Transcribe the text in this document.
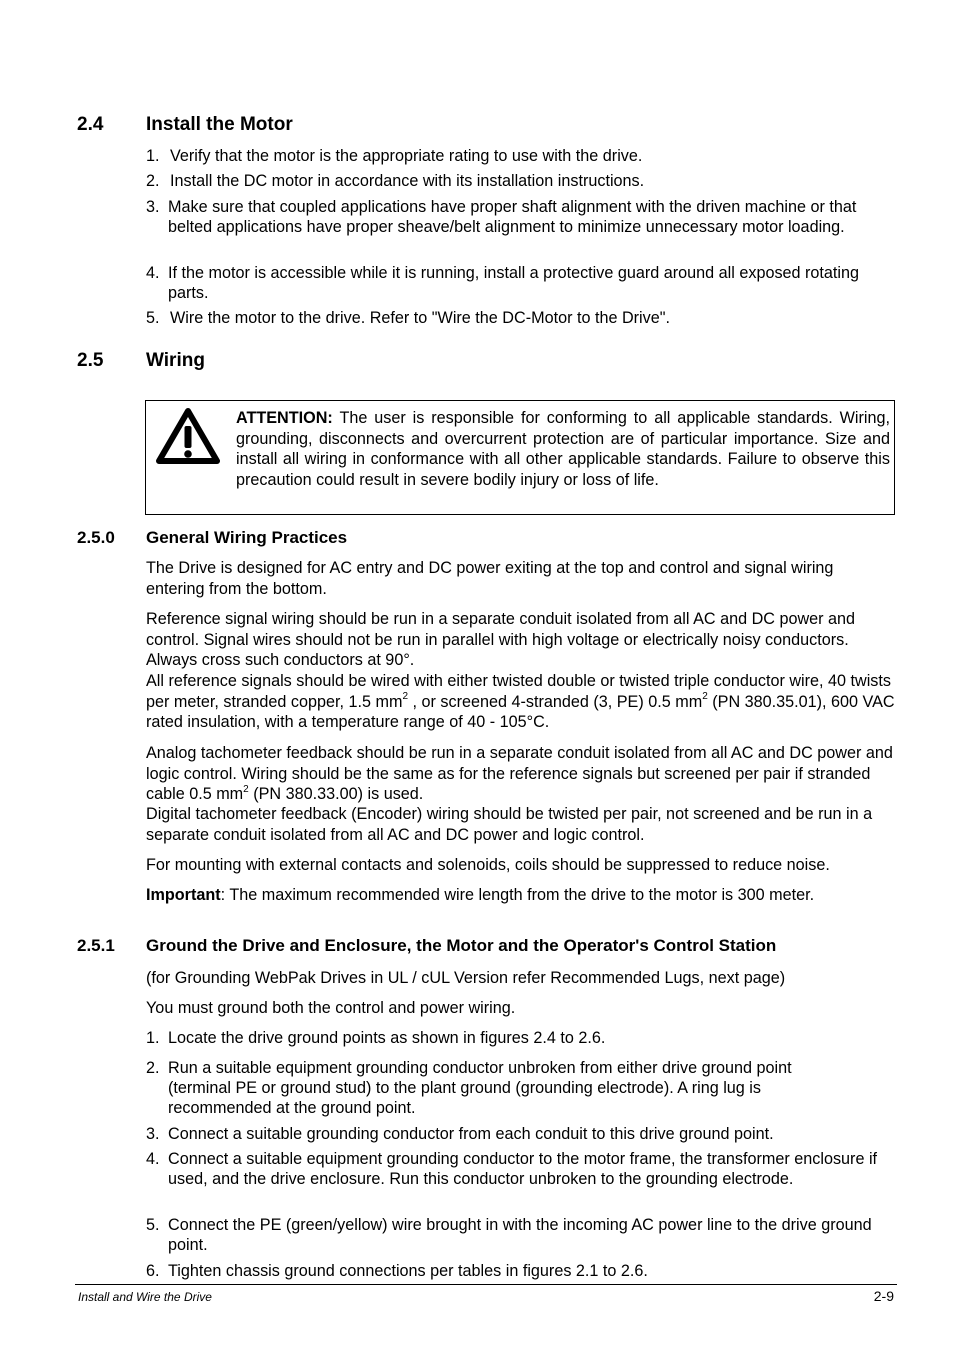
2.4 Install the Motor
1. Verify that the motor is the appropriate rating to use with the drive.
2. Install the DC motor in accordance with its installation instructions.
3. Make sure that coupled applications have proper shaft alignment with the driven machine or that belted applications have proper sheave/belt alignment to minimize unnecessary motor loading.
4. If the motor is accessible while it is running, install a protective guard around all exposed rotating parts.
5. Wire the motor to the drive. Refer to "Wire the DC-Motor to the Drive".
2.5 Wiring
ATTENTION: The user is responsible for conforming to all applicable standards. Wiring, grounding, disconnects and overcurrent protection are of particular importance. Size and install all wiring in conformance with all other applicable standards. Failure to observe this precaution could result in severe bodily injury or loss of life.
2.5.0 General Wiring Practices
The Drive is designed for AC entry and DC power exiting at the top and control and signal wiring entering from the bottom.
Reference signal wiring should be run in a separate conduit isolated from all AC and DC power and control. Signal wires should not be run in parallel with high voltage or electrically noisy conductors. Always cross such conductors at 90°.
All reference signals should be wired with either twisted double or twisted triple conductor wire, 40 twists per meter, stranded copper, 1.5 $mm^2$ , or screened 4-stranded (3, PE) 0.5 $mm^2$ (PN 380.35.01), 600 VAC rated insulation, with a temperature range of 40 - 105°C.
Analog tachometer feedback should be run in a separate conduit isolated from all AC and DC power and logic control. Wiring should be the same as for the reference signals but screened per pair if stranded cable 0.5 $mm^2$ (PN 380.33.00) is used.
Digital tachometer feedback (Encoder) wiring should be twisted per pair, not screened and be run in a separate conduit isolated from all AC and DC power and logic control.
For mounting with external contacts and solenoids, coils should be suppressed to reduce noise.
Important: The maximum recommended wire length from the drive to the motor is 300 meter.
2.5.1 Ground the Drive and Enclosure, the Motor and the Operator's Control Station
(for Grounding WebPak Drives in UL / cUL Version refer Recommended Lugs, next page)
You must ground both the control and power wiring.
1. Locate the drive ground points as shown in figures 2.4 to 2.6.
2. Run a suitable equipment grounding conductor unbroken from either drive ground point (terminal PE or ground stud) to the plant ground (grounding electrode). A ring lug is recommended at the ground point.
3. Connect a suitable grounding conductor from each conduit to this drive ground point.
4. Connect a suitable equipment grounding conductor to the motor frame, the transformer enclosure if used, and the drive enclosure. Run this conductor unbroken to the grounding electrode.
5. Connect the PE (green/yellow) wire brought in with the incoming AC power line to the drive ground point.
6. Tighten chassis ground connections per tables in figures 2.1 to 2.6.
Install and Wire the Drive	2-9
